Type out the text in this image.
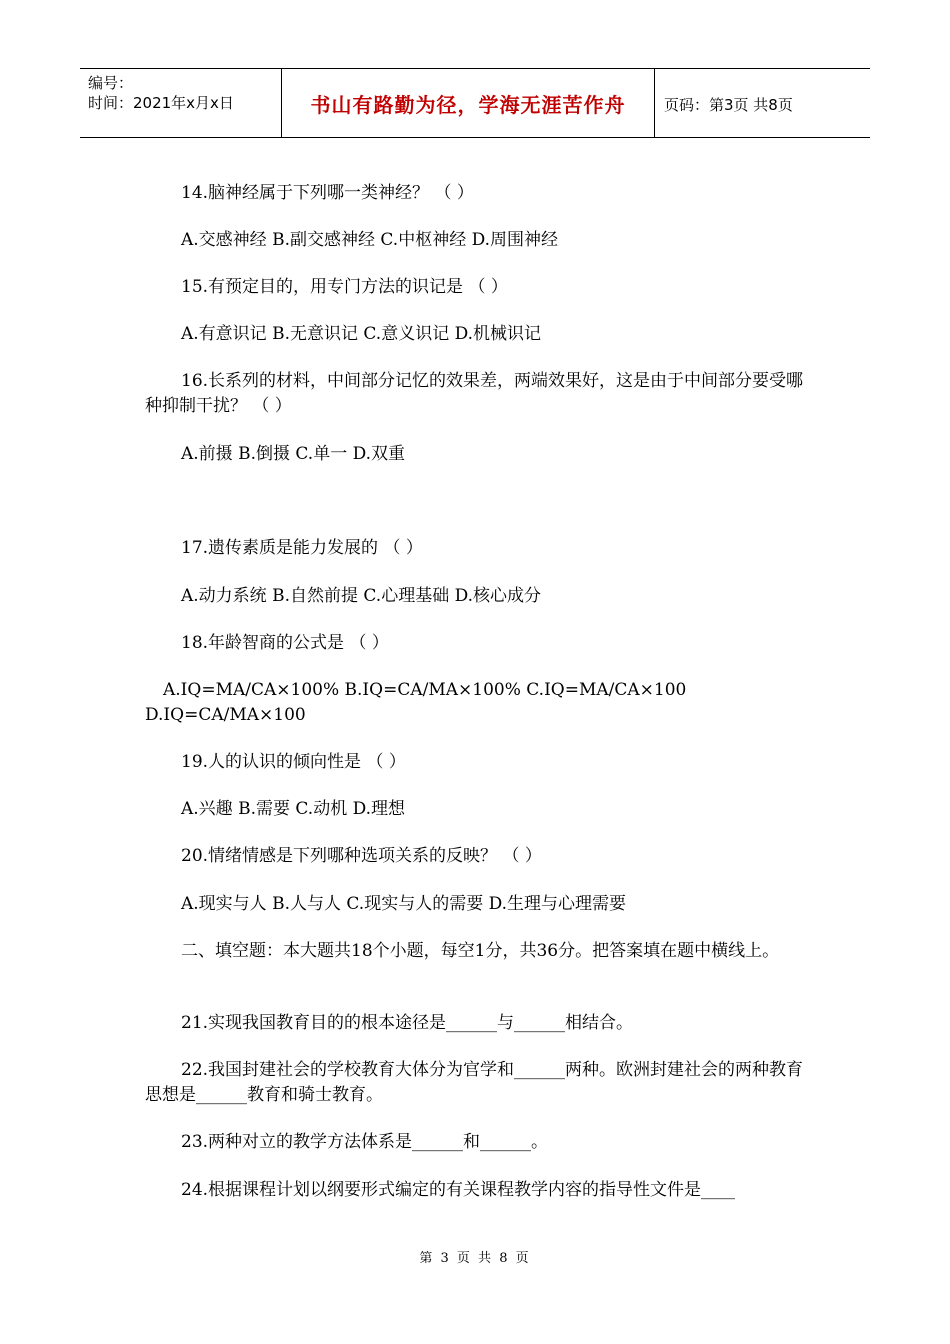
编号：
时间：2021年x月x日	书山有路勤为径，学海无涯苦作舟	页码：第3页 共8页
14.脑神经属于下列哪一类神经？ （ ）
A.交感神经 B.副交感神经 C.中枢神经 D.周围神经
15.有预定目的，用专门方法的识记是 （ ）
A.有意识记 B.无意识记 C.意义识记 D.机械识记
16.长系列的材料，中间部分记忆的效果差，两端效果好，这是由于中间部分要受哪种抑制干扰？ （ ）
A.前摄 B.倒摄 C.单一 D.双重
17.遗传素质是能力发展的 （ ）
A.动力系统 B.自然前提 C.心理基础 D.核心成分
18.年龄智商的公式是 （ ）
A.IQ=MA/CA×100% B.IQ=CA/MA×100% C.IQ=MA/CA×100
D.IQ=CA/MA×100
19.人的认识的倾向性是 （ ）
A.兴趣 B.需要 C.动机 D.理想
20.情绪情感是下列哪种选项关系的反映？ （ ）
A.现实与人 B.人与人 C.现实与人的需要 D.生理与心理需要
二、填空题：本大题共18个小题，每空1分，共36分。把答案填在题中横线上。
21.实现我国教育目的的根本途径是______与______相结合。
22.我国封建社会的学校教育大体分为官学和______两种。欧洲封建社会的两种教育思想是______教育和骑士教育。
23.两种对立的教学方法体系是______和______。
24.根据课程计划以纲要形式编定的有关课程教学内容的指导性文件是____
第 3 页 共 8 页
